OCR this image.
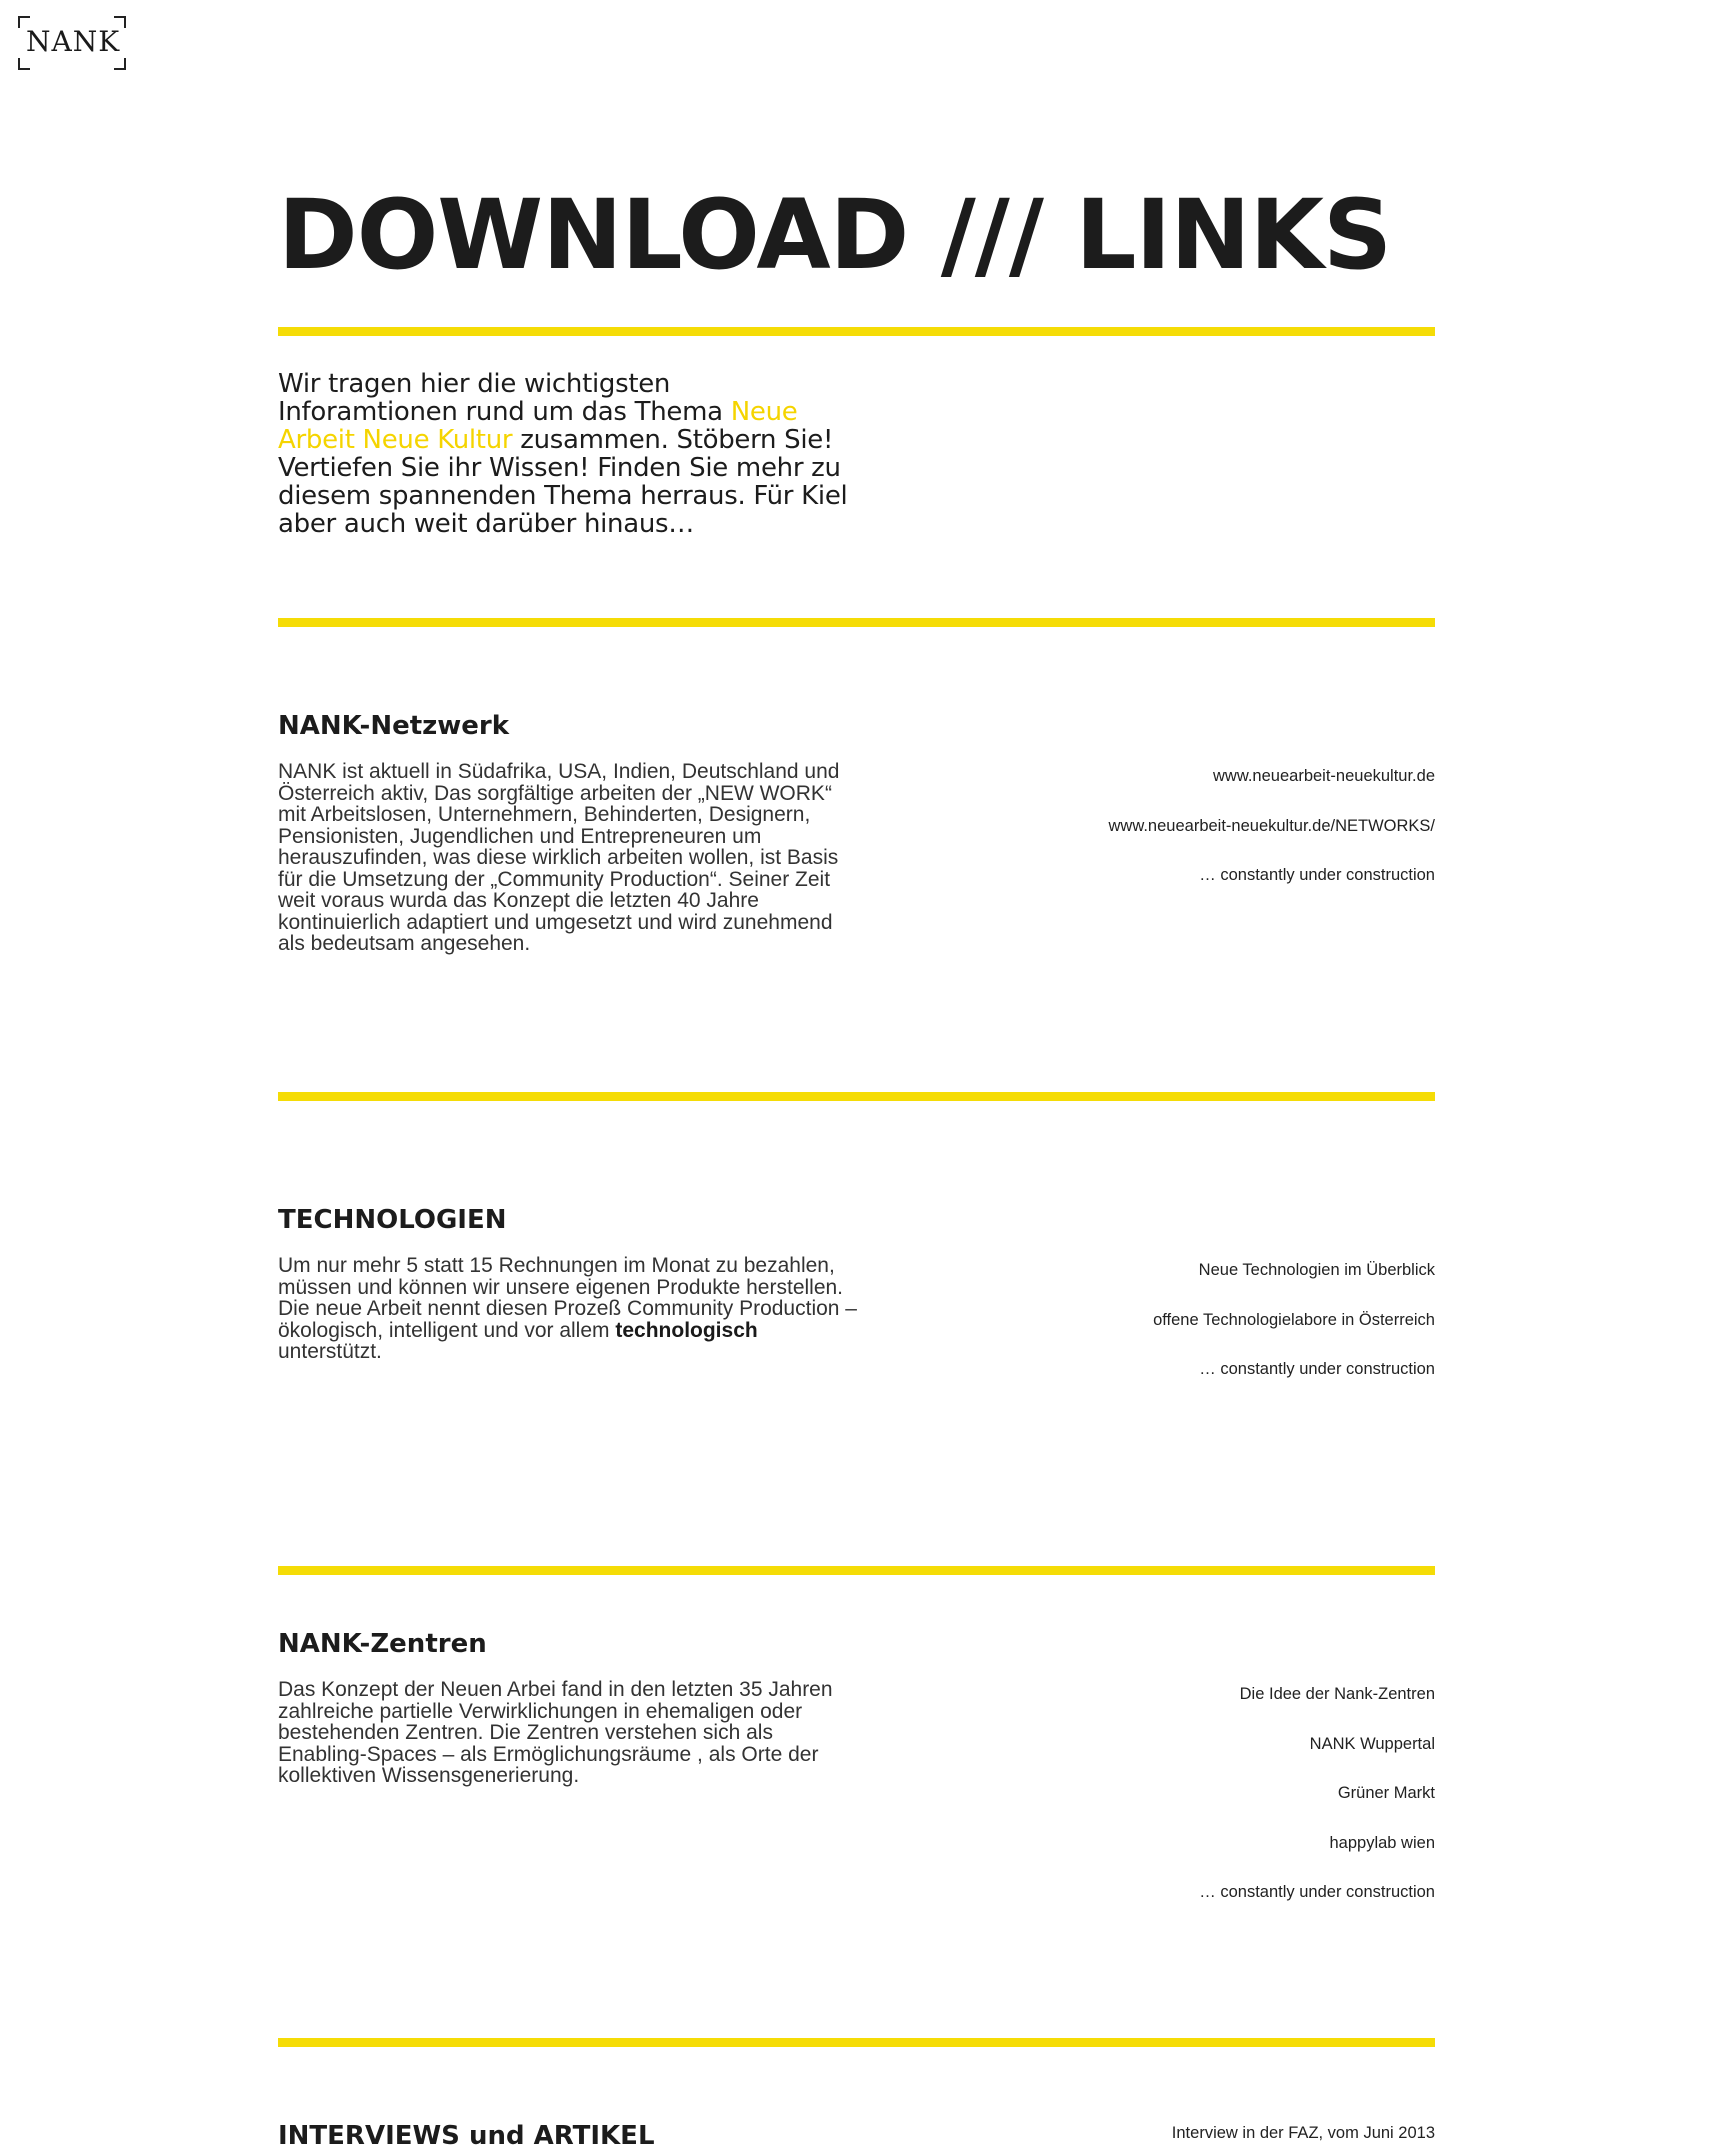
NANK
DOWNLOAD /// LINKS

Wir tragen hier die wichtigsten Inforamtionen rund um das Thema Neue Arbeit Neue Kultur zusammen. Stöbern Sie! Vertiefen Sie ihr Wissen! Finden Sie mehr zu diesem spannenden Thema herraus. Für Kiel aber auch weit darüber hinaus…

NANK-Netzwerk

NANK ist aktuell in Südafrika, USA, Indien, Deutschland und Österreich aktiv, Das sorgfältige arbeiten der „NEW WORK“ mit Arbeitslosen, Unternehmern, Behinderten, Designern, Pensionisten, Jugendlichen und Entrepreneuren um herauszufinden, was diese wirklich arbeiten wollen, ist Basis für die Umsetzung der „Community Production“. Seiner Zeit weit voraus wurda das Konzept die letzten 40 Jahre kontinuierlich adaptiert und umgesetzt und wird zunehmend als bedeutsam angesehen.

www.neuearbeit-neuekultur.de
www.neuearbeit-neuekultur.de/NETWORKS/
… constantly under construction
TECHNOLOGIEN

Um nur mehr 5 statt 15 Rechnungen im Monat zu bezahlen, müssen und können wir unsere eigenen Produkte herstellen. Die neue Arbeit nennt diesen Prozeß Community Production – ökologisch, intelligent und vor allem technologisch unterstützt.

Neue Technologien im Überblick
offene Technologielabore in Österreich
… constantly under construction
NANK-Zentren

Das Konzept der Neuen Arbei fand in den letzten 35 Jahren zahlreiche partielle Verwirklichungen in ehemaligen oder bestehenden Zentren. Die Zentren verstehen sich als Enabling-Spaces – als Ermöglichungsräume , als Orte der kollektiven Wissensgenerierung.

Die Idee der Nank-Zentren
NANK Wuppertal
Grüner Markt
happylab wien
… constantly under construction
INTERVIEWS und ARTIKEL	Interview in der FAZ, vom Juni 2013
